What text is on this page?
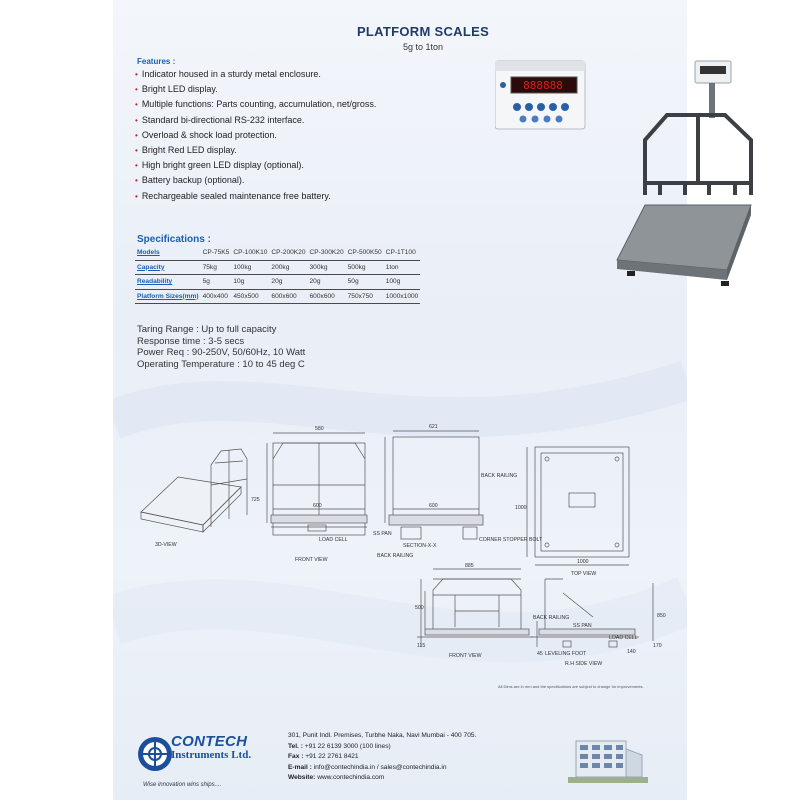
PLATFORM SCALES
5g to 1ton
Features :
• Indicator housed in a sturdy metal enclosure.
• Bright LED display.
• Multiple functions: Parts counting, accumulation, net/gross.
• Standard bi-directional RS-232 interface.
• Overload & shock load protection.
• Bright Red LED display.
• High bright green LED display (optional).
• Battery backup (optional).
• Rechargeable sealed maintenance free battery.
888888
Specifications :
Models	CP-75K5	CP-100K10	CP-200K20	CP-300K20	CP-500K50	CP-1T100
Capacity	75kg	100kg	200kg	300kg	500kg	1ton
Readability	5g	10g	20g	20g	50g	100g
Platform Sizes(mm)	400x400	450x500	600x600	600x600	750x750	1000x1000
Taring Range : Up to full capacity
Response time : 3-5 secs
Power Req : 90-250V, 50/60Hz, 10 Watt
Operating Temperature : 10 to 45 deg C
3D-VIEW
FRONT VIEW
580	621
600	600
725
LOAD CELL
BACK RAILING
SECTION-X-X
CORNER STOPPER BOLT
BACK RAILING
SS PAN
1000
1000
TOP VIEW
885
500
850
115
45	140
170
BACK RAILING
SS PAN
LOAD CELL
LEVELING FOOT
FRONT VIEW
R.H SIDE VIEW
All Dims are in mm and the specifications are subject to change for improvements.
CONTECH
Instruments Ltd.
Wise innovation wins ships....
301, Punit Indl. Premises, Turbhe Naka, Navi Mumbai - 400 705.
Tel. : +91 22 6139 3000 (100 lines)
Fax : +91 22 2761 8421
E-mail : info@contechindia.in / sales@contechindia.in
Website: www.contechindia.com
